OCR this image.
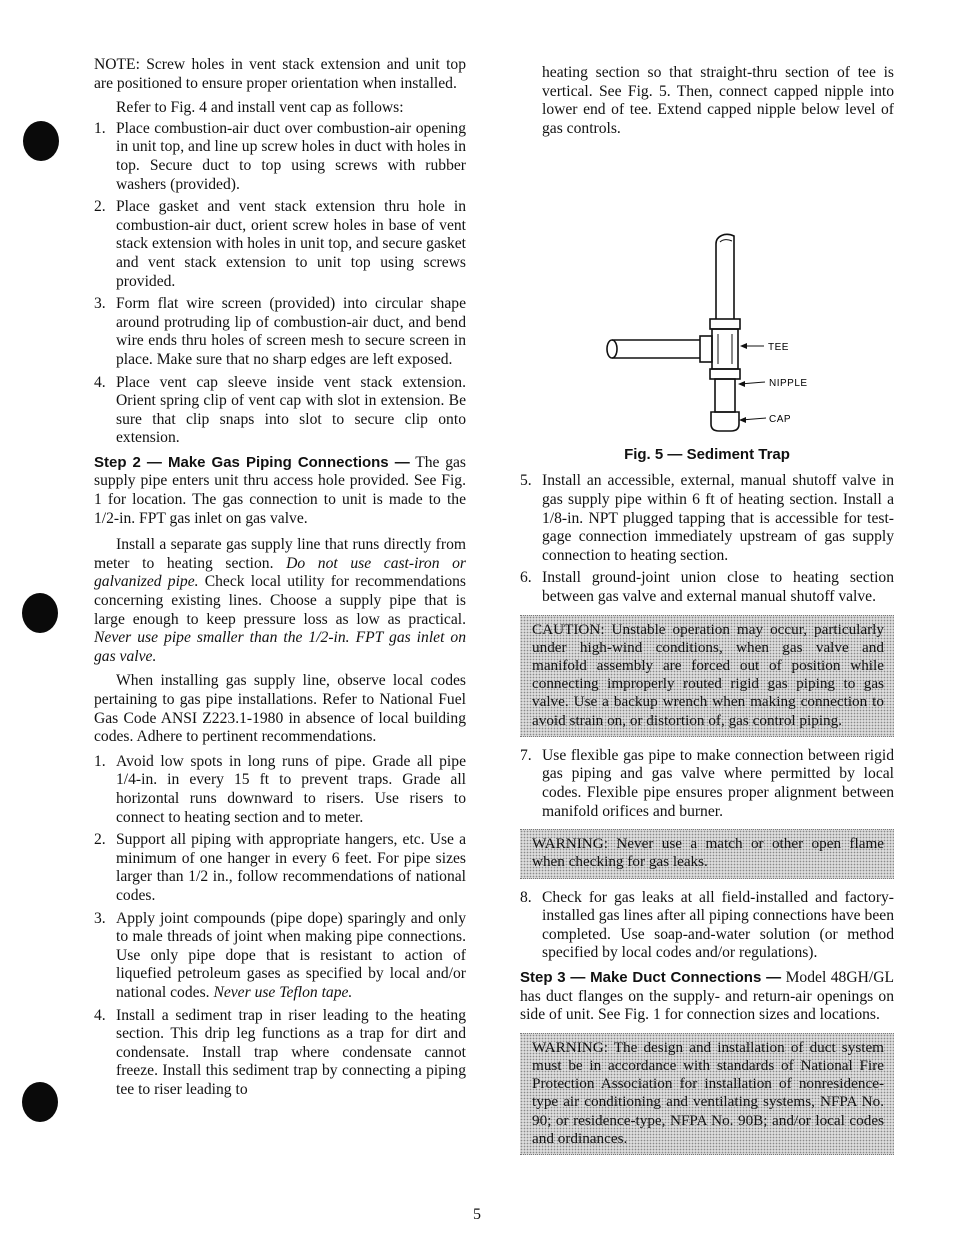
NOTE: Screw holes in vent stack extension and unit top are positioned to ensure proper orientation when installed.

Refer to Fig. 4 and install vent cap as follows:

1. Place combustion-air duct over combustion-air opening in unit top, and line up screw holes in duct with holes in top. Secure duct to top using screws with rubber washers (provided).
2. Place gasket and vent stack extension thru hole in combustion-air duct, orient screw holes in base of vent stack extension with holes in unit top, and secure gasket and vent stack extension to unit top using screws provided.
3. Form flat wire screen (provided) into circular shape around protruding lip of combustion-air duct, and bend wire ends thru holes of screen mesh to secure screen in place. Make sure that no sharp edges are left exposed.
4. Place vent cap sleeve inside vent stack extension. Orient spring clip of vent cap with slot in extension. Be sure that clip snaps into slot to secure clip onto extension.

Step 2 — Make Gas Piping Connections — The gas supply pipe enters unit thru access hole provided. See Fig. 1 for location. The gas connection to unit is made to the 1/2-in. FPT gas inlet on gas valve.

Install a separate gas supply line that runs directly from meter to heating section. Do not use cast-iron or galvanized pipe. Check local utility for recommendations concerning existing lines. Choose a supply pipe that is large enough to keep pressure loss as low as practical. Never use pipe smaller than the 1/2-in. FPT gas inlet on gas valve.

When installing gas supply line, observe local codes pertaining to gas pipe installations. Refer to National Fuel Gas Code ANSI Z223.1-1980 in absence of local building codes. Adhere to pertinent recommendations.

1. Avoid low spots in long runs of pipe. Grade all pipe 1/4-in. in every 15 ft to prevent traps. Grade all horizontal runs downward to risers. Use risers to connect to heating section and to meter.
2. Support all piping with appropriate hangers, etc. Use a minimum of one hanger in every 6 feet. For pipe sizes larger than 1/2 in., follow recommendations of national codes.
3. Apply joint compounds (pipe dope) sparingly and only to male threads of joint when making pipe connections. Use only pipe dope that is resistant to action of liquefied petroleum gases as specified by local and/or national codes. Never use Teflon tape.
4. Install a sediment trap in riser leading to the heating section. This drip leg functions as a trap for dirt and condensate. Install trap where condensate cannot freeze. Install this sediment trap by connecting a piping tee to riser leading to

heating section so that straight-thru section of tee is vertical. See Fig. 5. Then, connect capped nipple into lower end of tee. Extend capped nipple below level of gas controls.

TEE
NIPPLE
CAP
Fig. 5 — Sediment Trap
5. Install an accessible, external, manual shutoff valve in gas supply pipe within 6 ft of heating section. Install a 1/8-in. NPT plugged tapping that is accessible for test-gage connection immediately upstream of gas supply connection to heating section.
6. Install ground-joint union close to heating section between gas valve and external manual shutoff valve.

CAUTION: Unstable operation may occur, particularly under high-wind conditions, when gas valve and manifold assembly are forced out of position while connecting improperly routed rigid gas piping to gas valve. Use a backup wrench when making connection to avoid strain on, or distortion of, gas control piping.

7. Use flexible gas pipe to make connection between rigid gas piping and gas valve where permitted by local codes. Flexible pipe ensures proper alignment between manifold orifices and burner.

WARNING: Never use a match or other open flame when checking for gas leaks.

8. Check for gas leaks at all field-installed and factory-installed gas lines after all piping connections have been completed. Use soap-and-water solution (or method specified by local codes and/or regulations).

Step 3 — Make Duct Connections — Model 48GH/GL has duct flanges on the supply- and return-air openings on side of unit. See Fig. 1 for connection sizes and locations.

WARNING: The design and installation of duct system must be in accordance with standards of National Fire Protection Association for installation of nonresidence-type air conditioning and ventilating systems, NFPA No. 90; or residence-type, NFPA No. 90B; and/or local codes and ordinances.

5
